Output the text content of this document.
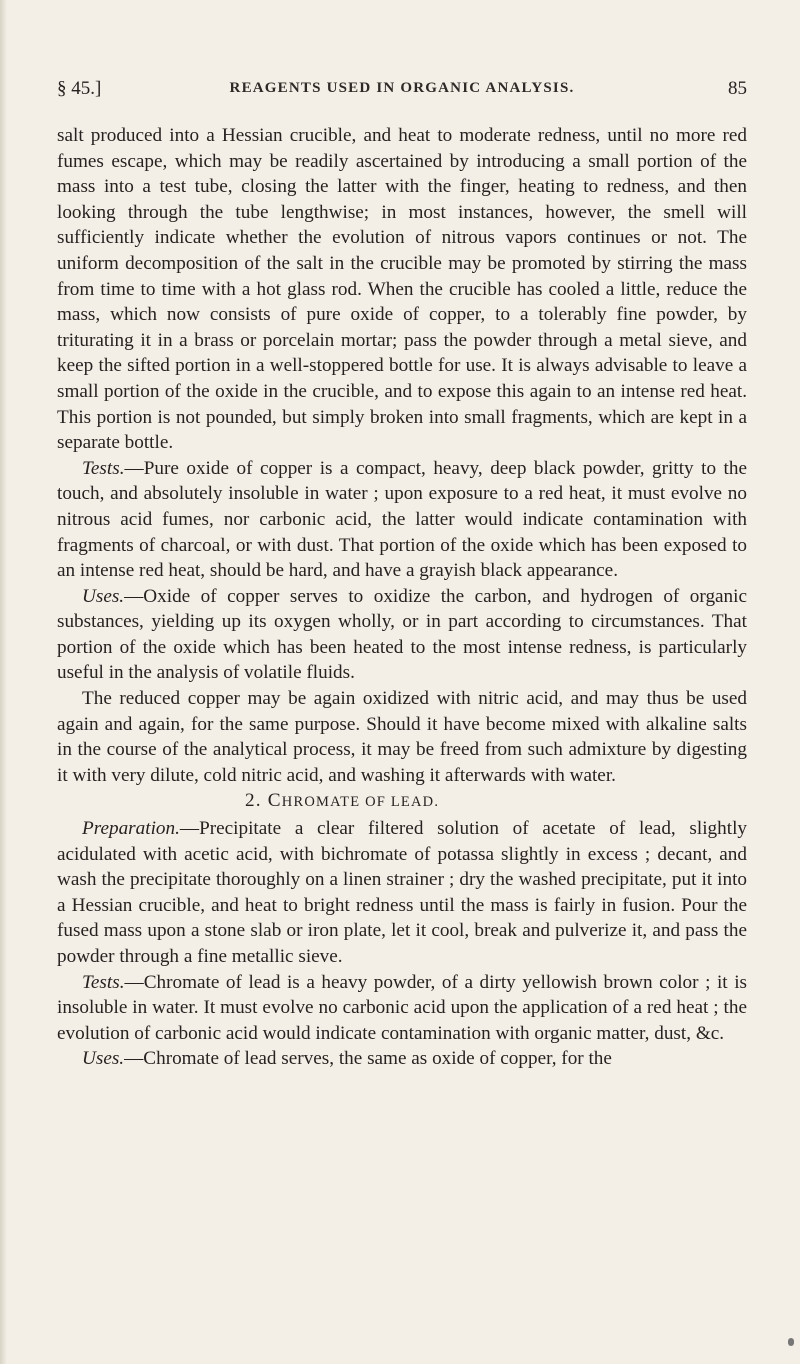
§ 45.]	REAGENTS USED IN ORGANIC ANALYSIS.	85

salt produced into a Hessian crucible, and heat to moderate redness, until no more red fumes escape, which may be readily ascertained by introducing a small portion of the mass into a test tube, closing the latter with the finger, heating to redness, and then looking through the tube lengthwise; in most instances, however, the smell will sufficiently indicate whether the evolution of nitrous vapors continues or not. The uniform decomposition of the salt in the crucible may be promoted by stirring the mass from time to time with a hot glass rod. When the crucible has cooled a little, reduce the mass, which now consists of pure oxide of copper, to a tolerably fine powder, by triturating it in a brass or porcelain mortar; pass the powder through a metal sieve, and keep the sifted portion in a well-stoppered bottle for use. It is always advisable to leave a small portion of the oxide in the crucible, and to expose this again to an intense red heat. This portion is not pounded, but simply broken into small fragments, which are kept in a separate bottle.

Tests.—Pure oxide of copper is a compact, heavy, deep black powder, gritty to the touch, and absolutely insoluble in water ; upon exposure to a red heat, it must evolve no nitrous acid fumes, nor carbonic acid, the latter would indicate contamination with fragments of charcoal, or with dust. That portion of the oxide which has been exposed to an intense red heat, should be hard, and have a grayish black appearance.

Uses.—Oxide of copper serves to oxidize the carbon, and hydrogen of organic substances, yielding up its oxygen wholly, or in part according to circumstances. That portion of the oxide which has been heated to the most intense redness, is particularly useful in the analysis of volatile fluids.

The reduced copper may be again oxidized with nitric acid, and may thus be used again and again, for the same purpose. Should it have become mixed with alkaline salts in the course of the analytical process, it may be freed from such admixture by digesting it with very dilute, cold nitric acid, and washing it afterwards with water.

2. CHROMATE OF LEAD.

Preparation.—Precipitate a clear filtered solution of acetate of lead, slightly acidulated with acetic acid, with bichromate of potassa slightly in excess ; decant, and wash the precipitate thoroughly on a linen strainer ; dry the washed precipitate, put it into a Hessian crucible, and heat to bright redness until the mass is fairly in fusion. Pour the fused mass upon a stone slab or iron plate, let it cool, break and pulverize it, and pass the powder through a fine metallic sieve.

Tests.—Chromate of lead is a heavy powder, of a dirty yellowish brown color ; it is insoluble in water. It must evolve no carbonic acid upon the application of a red heat ; the evolution of carbonic acid would indicate contamination with organic matter, dust, &c.

Uses.—Chromate of lead serves, the same as oxide of copper, for the
